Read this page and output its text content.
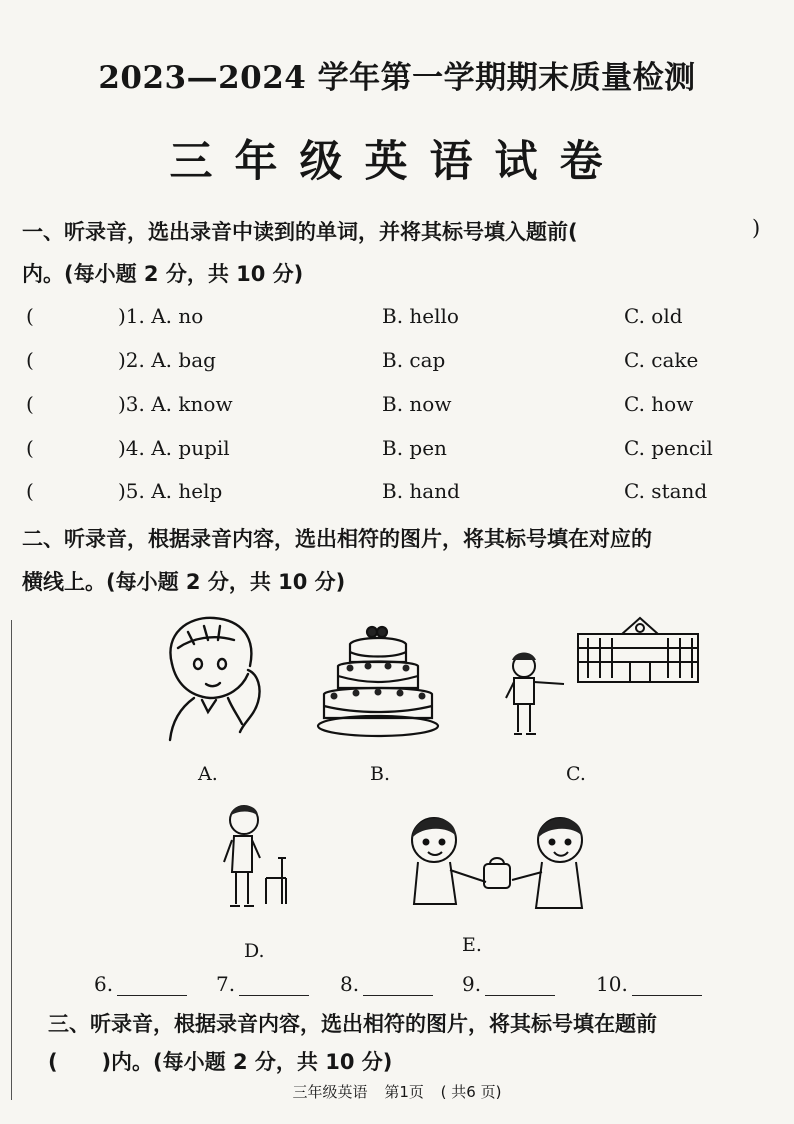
2023—2024 学年第一学期期末质量检测
三年级英语试卷
一、听录音，选出录音中读到的单词，并将其标号填入题前(	)
内。(每小题 2 分，共 10 分)
(	)1. A. no	B. hello	C. old
(	)2. A. bag	B. cap	C. cake
(	)3. A. know	B. now	C. how
(	)4. A. pupil	B. pen	C. pencil
(	)5. A. help	B. hand	C. stand
二、听录音，根据录音内容，选出相符的图片，将其标号填在对应的
横线上。(每小题 2 分，共 10 分)
A.	B.	C.
D.	E.
6.	7.	8.	9.	10.
三、听录音，根据录音内容，选出相符的图片，将其标号填在题前
(      )内。(每小题 2 分，共 10 分)
三年级英语 第1页 ( 共6 页)
